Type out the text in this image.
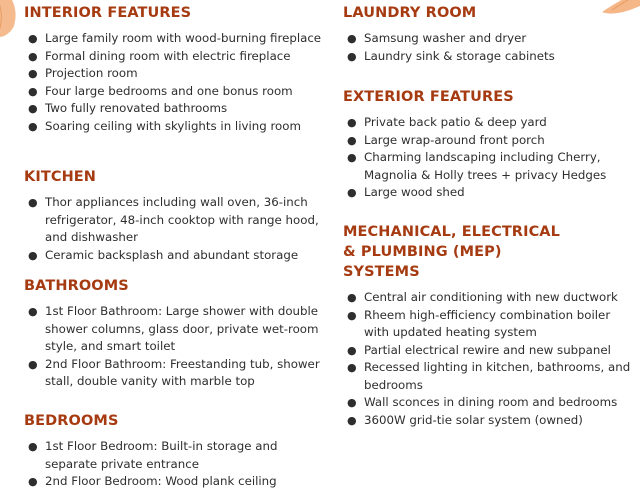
INTERIOR FEATURES
● Large family room with wood-burning fireplace
● Formal dining room with electric fireplace
● Projection room
● Four large bedrooms and one bonus room
● Two fully renovated bathrooms
● Soaring ceiling with skylights in living room
KITCHEN
● Thor appliances including wall oven, 36-inch refrigerator, 48-inch cooktop with range hood, and dishwasher
● Ceramic backsplash and abundant storage
BATHROOMS
● 1st Floor Bathroom: Large shower with double shower columns, glass door, private wet-room style, and smart toilet
● 2nd Floor Bathroom: Freestanding tub, shower stall, double vanity with marble top
BEDROOMS
● 1st Floor Bedroom: Built-in storage and separate private entrance
● 2nd Floor Bedroom: Wood plank ceiling
LAUNDRY ROOM
● Samsung washer and dryer
● Laundry sink & storage cabinets
EXTERIOR FEATURES
● Private back patio & deep yard
● Large wrap-around front porch
● Charming landscaping including Cherry, Magnolia & Holly trees + privacy Hedges
● Large wood shed
MECHANICAL, ELECTRICAL & PLUMBING (MEP) SYSTEMS
● Central air conditioning with new ductwork
● Rheem high-efficiency combination boiler with updated heating system
● Partial electrical rewire and new subpanel
● Recessed lighting in kitchen, bathrooms, and bedrooms
● Wall sconces in dining room and bedrooms
● 3600W grid-tie solar system (owned)
